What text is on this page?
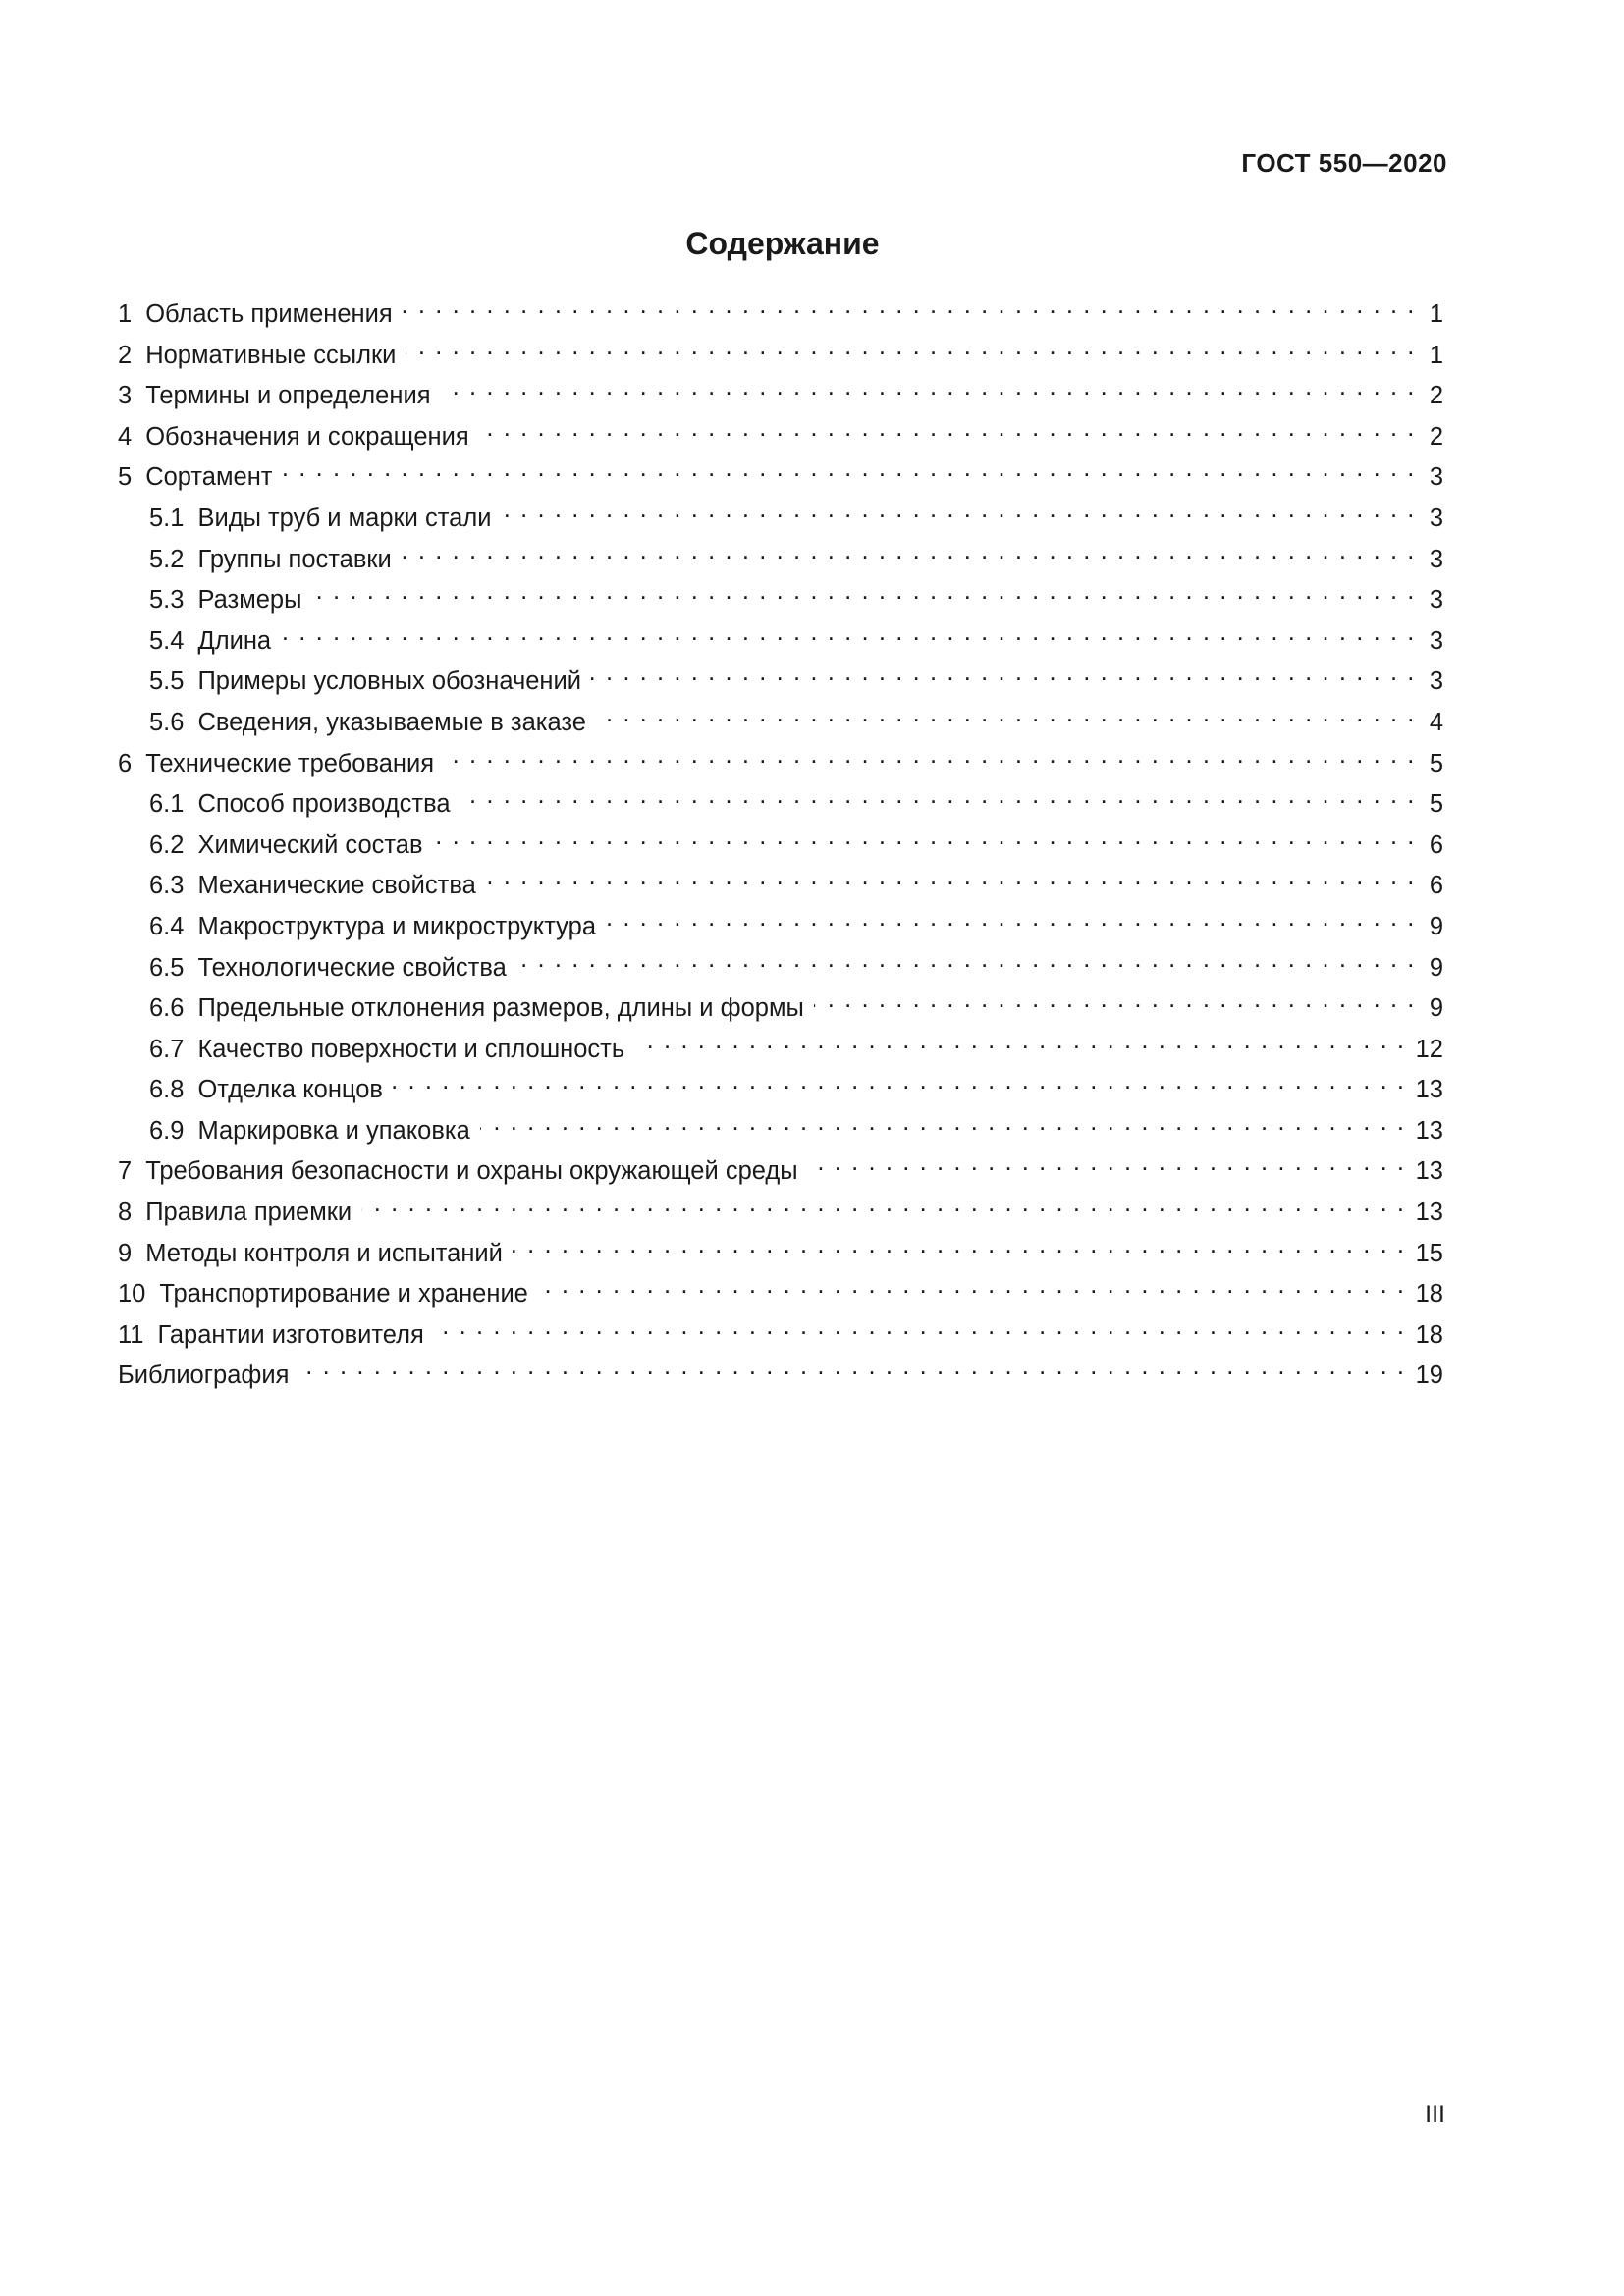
ГОСТ 550—2020
Содержание
1 Область применения . . .	1
2 Нормативные ссылки . . .	1
3 Термины и определения . . .	2
4 Обозначения и сокращения . . .	2
5 Сортамент . . .	3
5.1 Виды труб и марки стали . . .	3
5.2 Группы поставки . . .	3
5.3 Размеры . . .	3
5.4 Длина . . .	3
5.5 Примеры условных обозначений . . .	3
5.6 Сведения, указываемые в заказе . . .	4
6 Технические требования . . .	5
6.1 Способ производства . . .	5
6.2 Химический состав . . .	6
6.3 Механические свойства . . .	6
6.4 Макроструктура и микроструктура . . .	9
6.5 Технологические свойства . . .	9
6.6 Предельные отклонения размеров, длины и формы . . .	9
6.7 Качество поверхности и сплошность . . .	12
6.8 Отделка концов . . .	13
6.9 Маркировка и упаковка . . .	13
7 Требования безопасности и охраны окружающей среды . . .	13
8 Правила приемки . . .	13
9 Методы контроля и испытаний . . .	15
10 Транспортирование и хранение . . .	18
11 Гарантии изготовителя . . .	18
Библиография . . .	19
III
